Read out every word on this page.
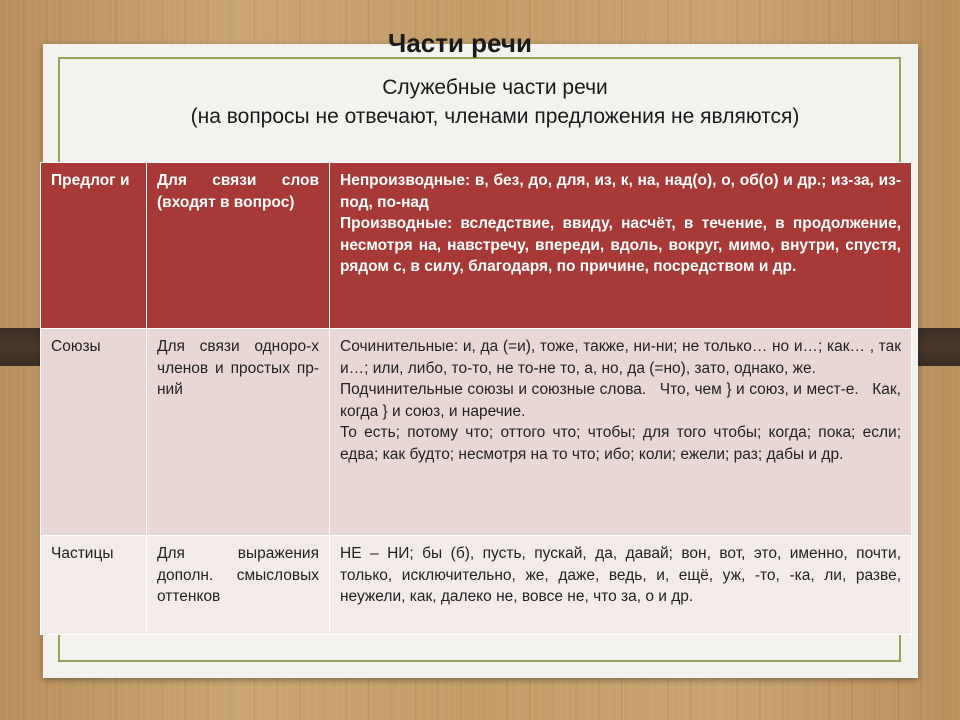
Части речи
Служебные части речи
(на вопросы не отвечают, членами предложения не являются)
Предлог и	Для связи слов (входят в вопрос)	Непроизводные: в, без, до, для, из, к, на, над(о), о, об(о) и др.; из-за, из-под, по-над
Производные: вследствие, ввиду, насчёт, в течение, в продолжение, несмотря на, навстречу, впереди, вдоль, вокруг, мимо, внутри, спустя, рядом с, в силу, благодаря, по причине, посредством и др.

Союзы	Для связи одноро-х членов и простых пр-ний	Сочинительные: и, да (=и), тоже, также, ни-ни; не только… но и…; как… , так и…; или, либо, то-то, не то-не то, а, но, да (=но), зато, однако, же.
Подчинительные союзы и союзные слова.   Что, чем } и союз, и мест-е.   Как, когда } и союз, и наречие.
То есть; потому что; оттого что; чтобы; для того чтобы; когда; пока; если; едва; как будто; несмотря на то что; ибо; коли; ежели; раз; дабы и др.

Частицы	Для выражения дополн. смысловых оттенков	НЕ – НИ; бы (б), пусть, пускай, да, давай; вон, вот, это, именно, почти, только, исключительно, же, даже, ведь, и, ещё, уж, -то, -ка, ли, разве, неужели, как, далеко не, вовсе не, что за, о и др.
